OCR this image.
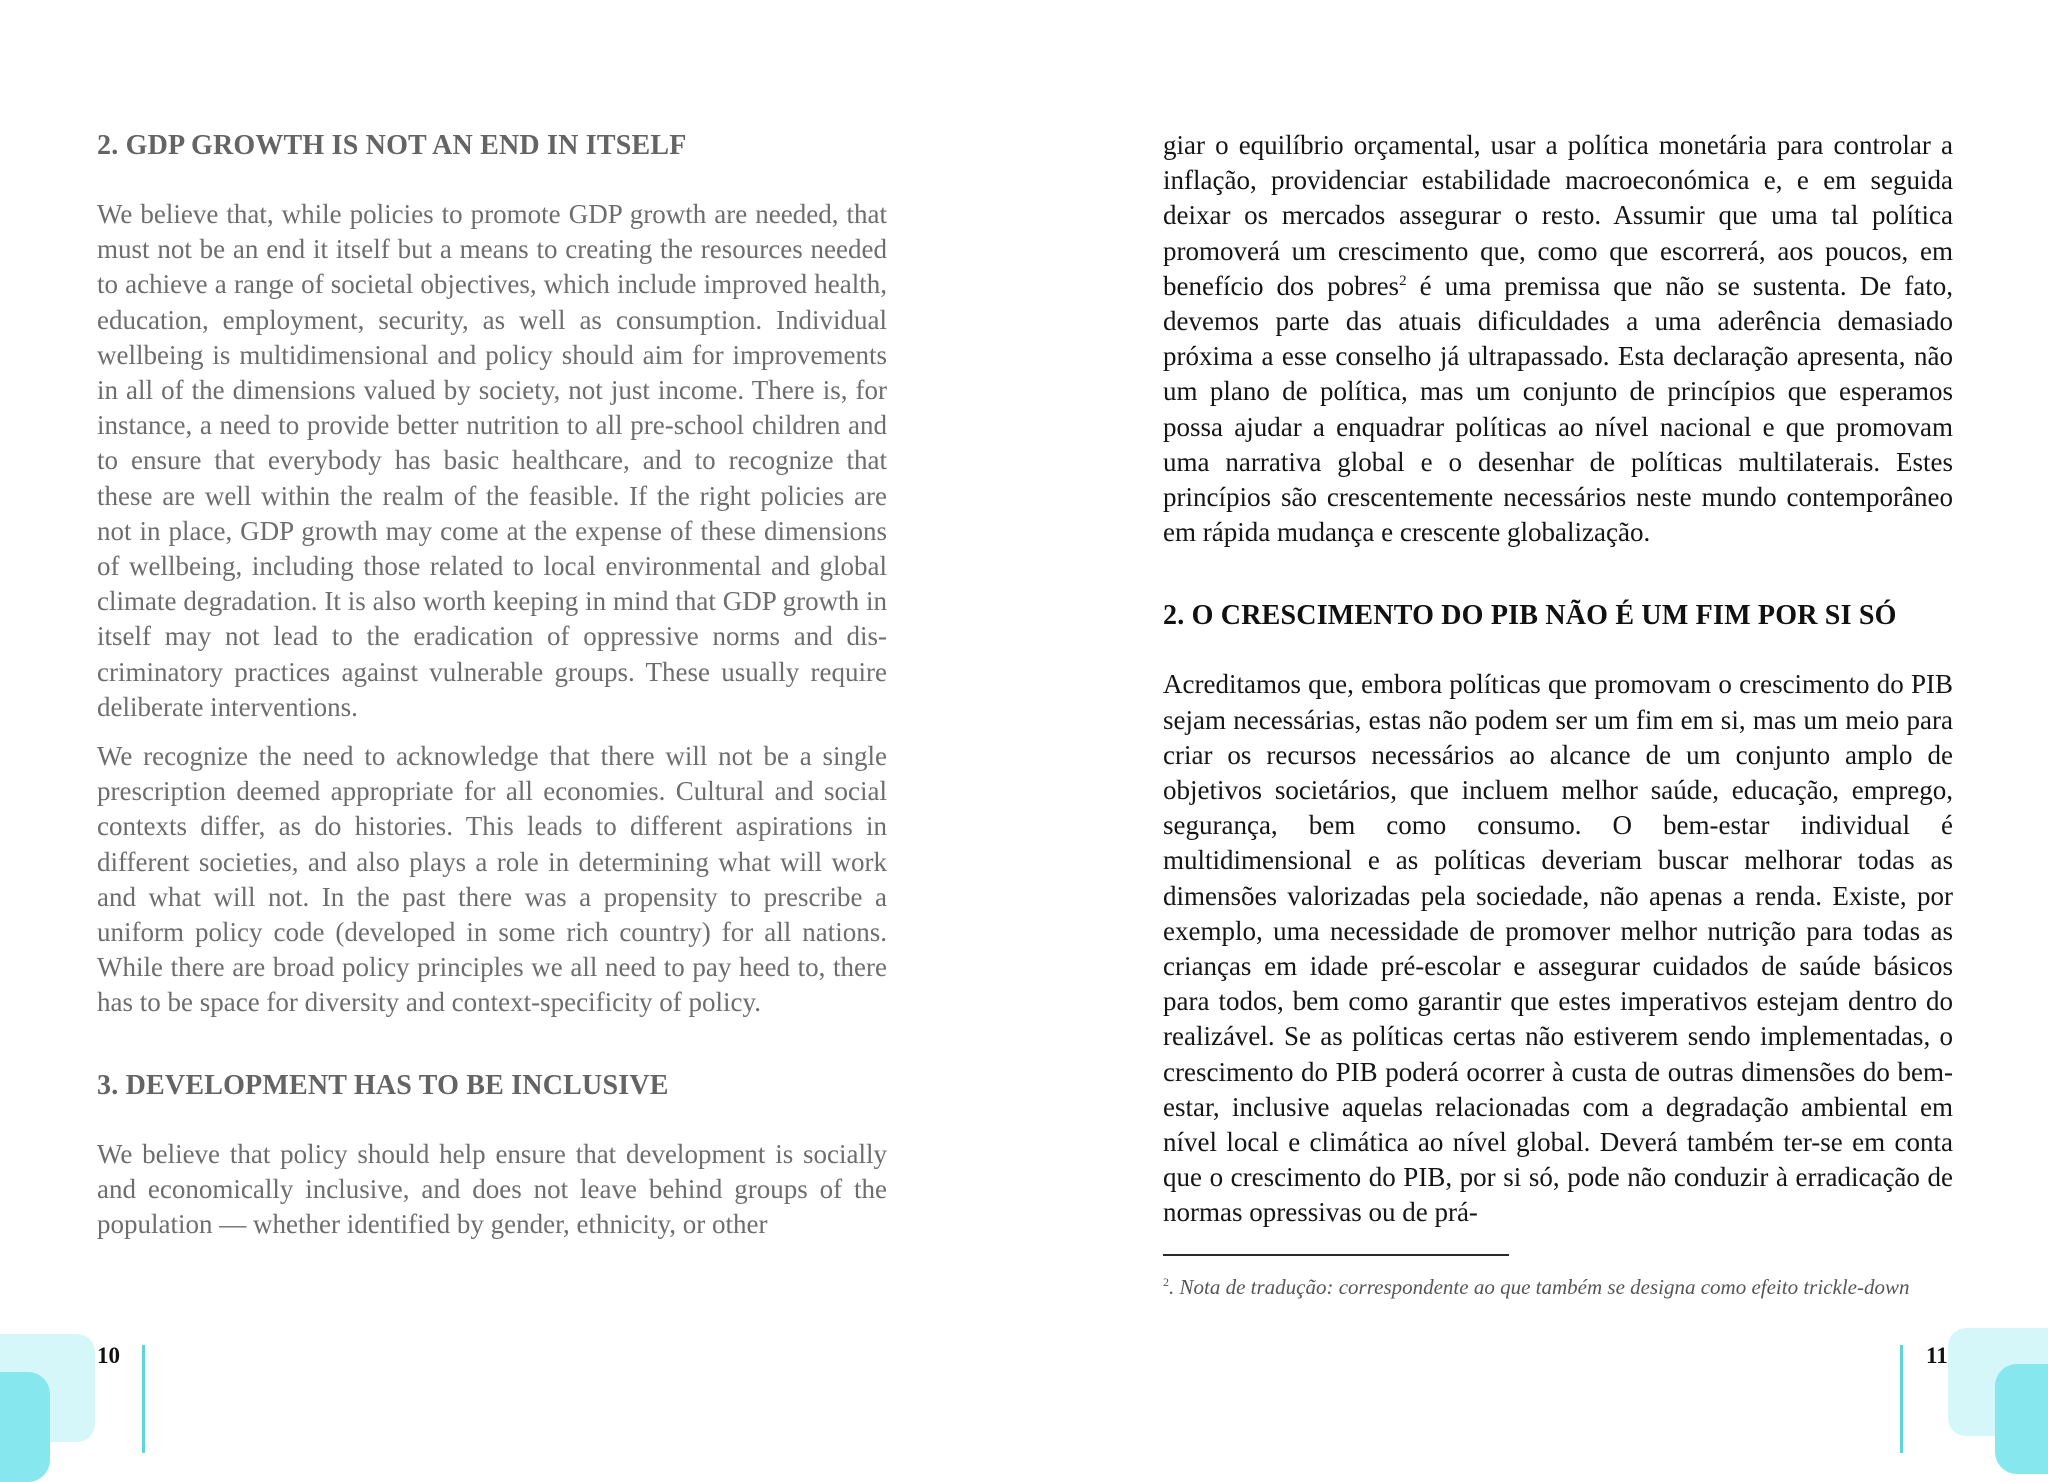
2. GDP GROWTH IS NOT AN END IN ITSELF

We believe that, while policies to promote GDP growth are needed, that must not be an end it itself but a means to creating the resources needed to achieve a range of societal objectives, which include improved health, education, employment, security, as well as consumption. Individual wellbeing is multidimensional and policy should aim for improvements in all of the dimensions valued by society, not just income. There is, for instance, a need to provide better nutrition to all pre-school children and to ensure that everybody has basic healthcare, and to recognize that these are well within the realm of the feasible. If the right policies are not in place, GDP growth may come at the expense of these dimensions of wellbeing, including those related to local environmental and global climate degradation. It is also worth keeping in mind that GDP growth in itself may not lead to the eradication of oppressive norms and discriminatory practices against vulnerable groups. These usually require deliberate interventions.

We recognize the need to acknowledge that there will not be a single prescription deemed appropriate for all economies. Cultural and social contexts differ, as do histories. This leads to different aspirations in different societies, and also plays a role in determining what will work and what will not. In the past there was a propensity to prescribe a uniform policy code (developed in some rich country) for all nations. While there are broad policy principles we all need to pay heed to, there has to be space for diversity and context-specificity of policy.

3. DEVELOPMENT HAS TO BE INCLUSIVE

We believe that policy should help ensure that development is socially and economically inclusive, and does not leave behind groups of the population — whether identified by gender, ethnicity, or other

giar o equilíbrio orçamental, usar a política monetária para controlar a inflação, providenciar estabilidade macroeconómica e, e em seguida deixar os mercados assegurar o resto. Assumir que uma tal política promoverá um crescimento que, como que escorrerá, aos poucos, em benefício dos pobres$^2$ é uma premissa que não se sustenta. De fato, devemos parte das atuais dificuldades a uma aderência demasiado próxima a esse conselho já ultrapassado. Esta declaração apresenta, não um plano de política, mas um conjunto de princípios que esperamos possa ajudar a enquadrar políticas ao nível nacional e que promovam uma narrativa global e o desenhar de políticas multilaterais. Estes princípios são crescentemente necessários neste mundo contemporâneo em rápida mudança e crescente globalização.

2. O CRESCIMENTO DO PIB NÃO É UM FIM POR SI SÓ

Acreditamos que, embora políticas que promovam o crescimento do PIB sejam necessárias, estas não podem ser um fim em si, mas um meio para criar os recursos necessários ao alcance de um conjunto amplo de objetivos societários, que incluem melhor saúde, educação, emprego, segurança, bem como consumo. O bem-estar individual é multidimensional e as políticas deveriam buscar melhorar todas as dimensões valorizadas pela sociedade, não apenas a renda. Existe, por exemplo, uma necessidade de promover melhor nutrição para todas as crianças em idade pré-escolar e assegurar cuidados de saúde básicos para todos, bem como garantir que estes imperativos estejam dentro do realizável. Se as políticas certas não estiverem sendo implementadas, o crescimento do PIB poderá ocorrer à custa de outras dimensões do bem-estar, inclusive aquelas relacionadas com a degradação ambiental em nível local e climática ao nível global. Deverá também ter-se em conta que o crescimento do PIB, por si só, pode não conduzir à erradicação de normas opressivas ou de prá-

$^2$. Nota de tradução: correspondente ao que também se designa como efeito trickle-down
10	11
